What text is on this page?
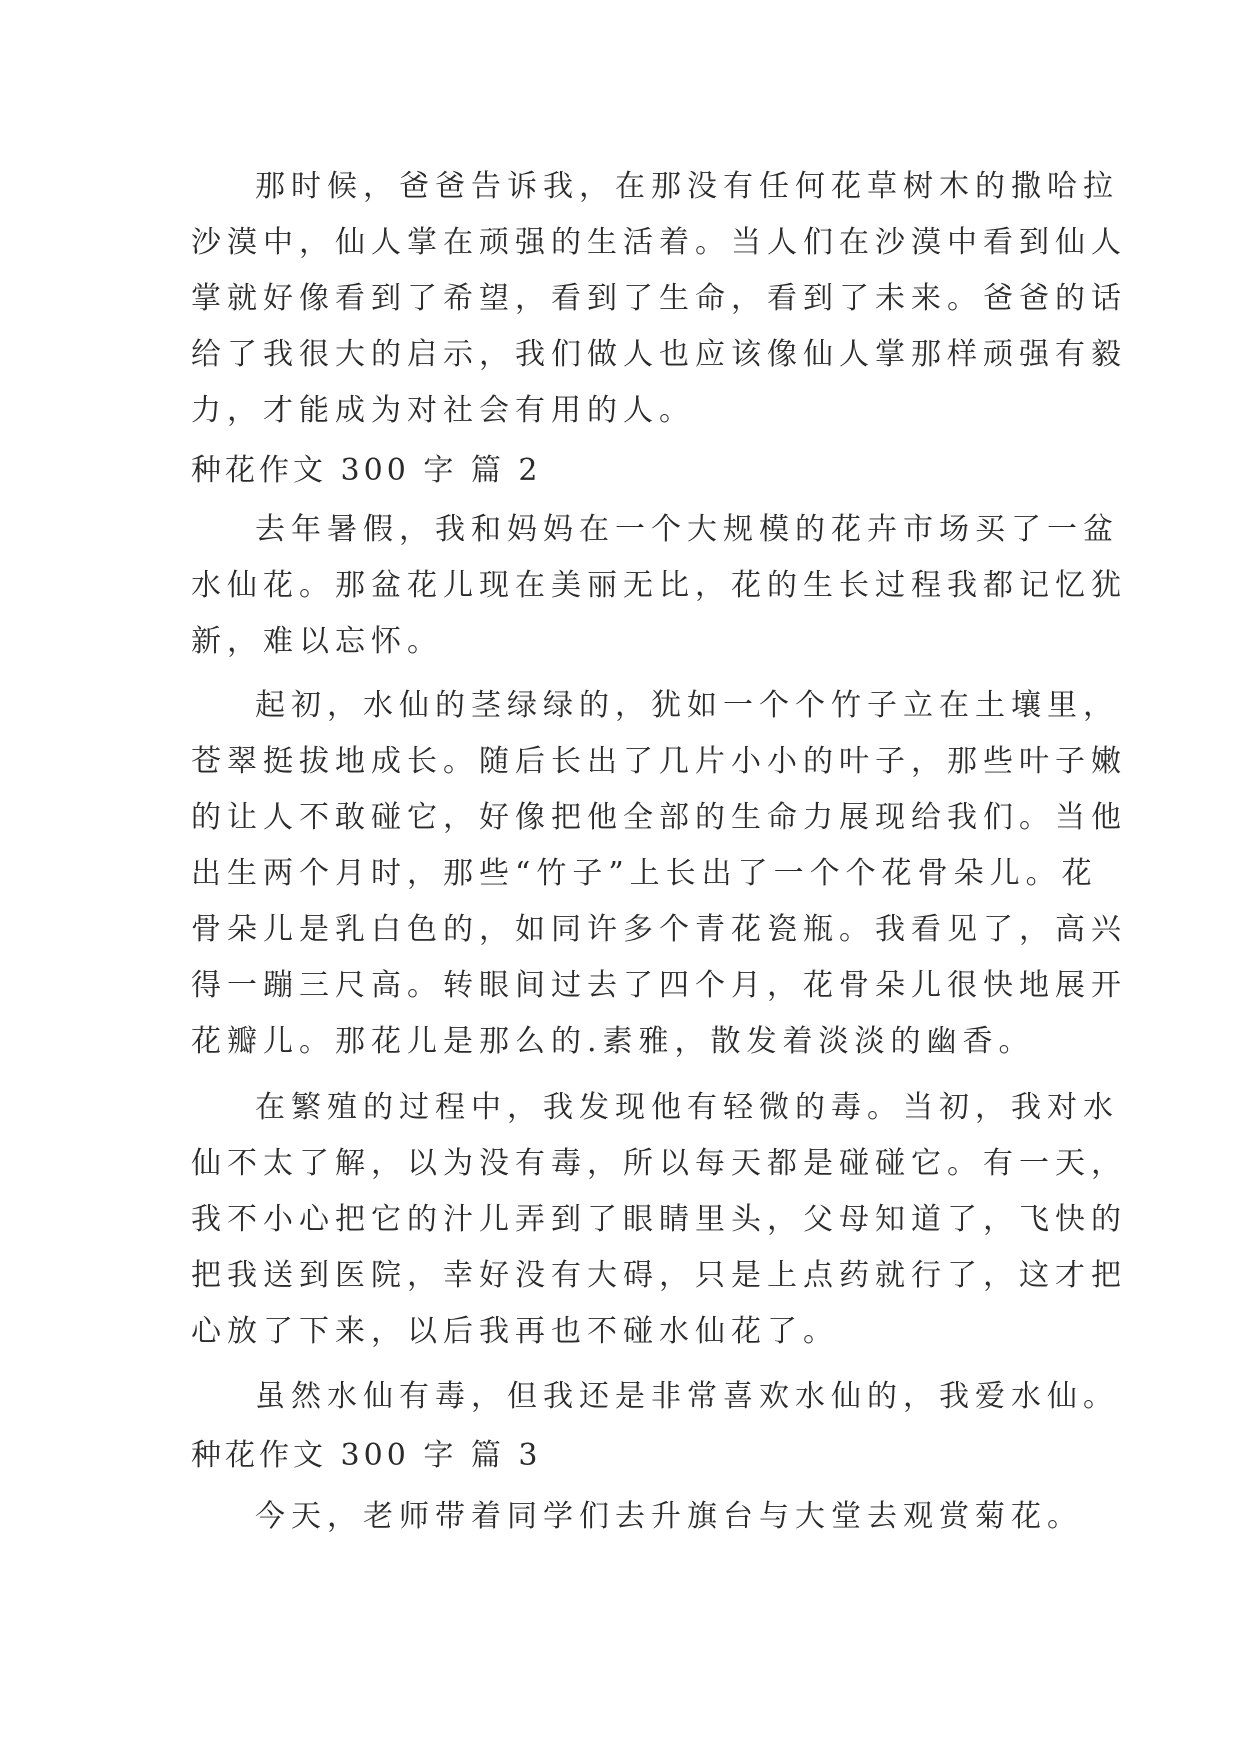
那时候，爸爸告诉我，在那没有任何花草树木的撒哈拉
沙漠中，仙人掌在顽强的生活着。当人们在沙漠中看到仙人
掌就好像看到了希望，看到了生命，看到了未来。爸爸的话
给了我很大的启示，我们做人也应该像仙人掌那样顽强有毅
力，才能成为对社会有用的人。
种花作文 300 字 篇 2
去年暑假，我和妈妈在一个大规模的花卉市场买了一盆
水仙花。那盆花儿现在美丽无比，花的生长过程我都记忆犹
新，难以忘怀。
起初，水仙的茎绿绿的，犹如一个个竹子立在土壤里，
苍翠挺拔地成长。随后长出了几片小小的叶子，那些叶子嫩
的让人不敢碰它，好像把他全部的生命力展现给我们。当他
出生两个月时，那些“竹子”上长出了一个个花骨朵儿。花
骨朵儿是乳白色的，如同许多个青花瓷瓶。我看见了，高兴
得一蹦三尺高。转眼间过去了四个月，花骨朵儿很快地展开
花瓣儿。那花儿是那么的.素雅，散发着淡淡的幽香。
在繁殖的过程中，我发现他有轻微的毒。当初，我对水
仙不太了解，以为没有毒，所以每天都是碰碰它。有一天，
我不小心把它的汁儿弄到了眼睛里头，父母知道了，飞快的
把我送到医院，幸好没有大碍，只是上点药就行了，这才把
心放了下来，以后我再也不碰水仙花了。
虽然水仙有毒，但我还是非常喜欢水仙的，我爱水仙。
种花作文 300 字 篇 3
今天，老师带着同学们去升旗台与大堂去观赏菊花。
